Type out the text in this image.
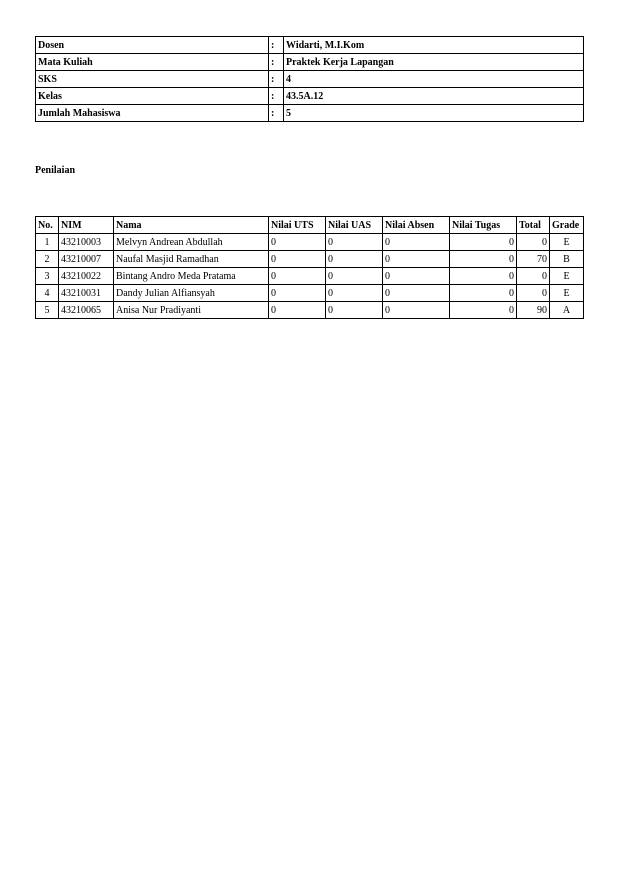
Dosen	:	Widarti, M.I.Kom
Mata Kuliah	:	Praktek Kerja Lapangan
SKS	:	4
Kelas	:	43.5A.12
Jumlah Mahasiswa	:	5
Penilaian
No.	NIM	Nama	Nilai UTS	Nilai UAS	Nilai Absen	Nilai Tugas	Total	Grade
1	43210003	Melvyn Andrean Abdullah	0	0	0	0	0	E
2	43210007	Naufal Masjid Ramadhan	0	0	0	0	70	B
3	43210022	Bintang Andro Meda Pratama	0	0	0	0	0	E
4	43210031	Dandy Julian Alfiansyah	0	0	0	0	0	E
5	43210065	Anisa Nur Pradiyanti	0	0	0	0	90	A
